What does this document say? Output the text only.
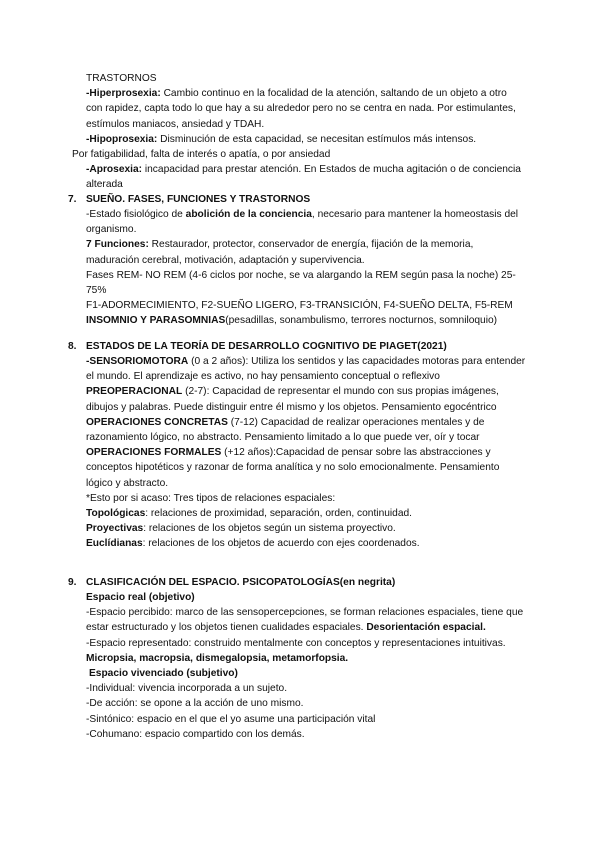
TRASTORNOS

-Hiperprosexia: Cambio continuo en la focalidad de la atención, saltando de un objeto a otro con rapidez, capta todo lo que hay a su alrededor pero no se centra en nada. Por estimulantes, estímulos maniacos, ansiedad y TDAH.

-Hipoprosexia: Disminución de esta capacidad, se necesitan estímulos más intensos.

Por fatigabilidad, falta de interés o apatía, o por ansiedad

-Aprosexia: incapacidad para prestar atención. En Estados de mucha agitación o de conciencia alterada

7. SUEÑO. FASES, FUNCIONES Y TRASTORNOS

-Estado fisiológico de abolición de la conciencia, necesario para mantener la homeostasis del organismo.

7 Funciones: Restaurador, protector, conservador de energía, fijación de la memoria, maduración cerebral, motivación, adaptación y supervivencia.

Fases REM- NO REM (4-6 ciclos por noche, se va alargando la REM según pasa la noche) 25-75%

F1-ADORMECIMIENTO, F2-SUEÑO LIGERO, F3-TRANSICIÓN, F4-SUEÑO DELTA, F5-REM

INSOMNIO Y PARASOMNIAS(pesadillas, sonambulismo, terrores nocturnos, somniloquio)

8. ESTADOS DE LA TEORÍA DE DESARROLLO COGNITIVO DE PIAGET(2021)

-SENSORIOMOTORA (0 a 2 años): Utiliza los sentidos y las capacidades motoras para entender el mundo. El aprendizaje es activo, no hay pensamiento conceptual o reflexivo

PREOPERACIONAL (2-7): Capacidad de representar el mundo con sus propias imágenes, dibujos y palabras. Puede distinguir entre él mismo y los objetos. Pensamiento egocéntrico

OPERACIONES CONCRETAS (7-12) Capacidad de realizar operaciones mentales y de razonamiento lógico, no abstracto. Pensamiento limitado a lo que puede ver, oír y tocar

OPERACIONES FORMALES (+12 años):Capacidad de pensar sobre las abstracciones y conceptos hipotéticos y razonar de forma analítica y no solo emocionalmente. Pensamiento lógico y abstracto.

*Esto por si acaso: Tres tipos de relaciones espaciales:

Topológicas: relaciones de proximidad, separación, orden, continuidad.

Proyectivas: relaciones de los objetos según un sistema proyectivo.

Euclídianas: relaciones de los objetos de acuerdo con ejes coordenados.

9. CLASIFICACIÓN DEL ESPACIO. PSICOPATOLOGÍAS(en negrita)

Espacio real (objetivo)

-Espacio percibido: marco de las sensopercepciones, se forman relaciones espaciales, tiene que estar estructurado y los objetos tienen cualidades espaciales. Desorientación espacial.

-Espacio representado: construido mentalmente con conceptos y representaciones intuitivas. Micropsia, macropsia, dismegalopsia, metamorfopsia.

Espacio vivenciado (subjetivo)

-Individual: vivencia incorporada a un sujeto.

-De acción: se opone a la acción de uno mismo.

-Sintónico: espacio en el que el yo asume una participación vital

-Cohumano: espacio compartido con los demás.
